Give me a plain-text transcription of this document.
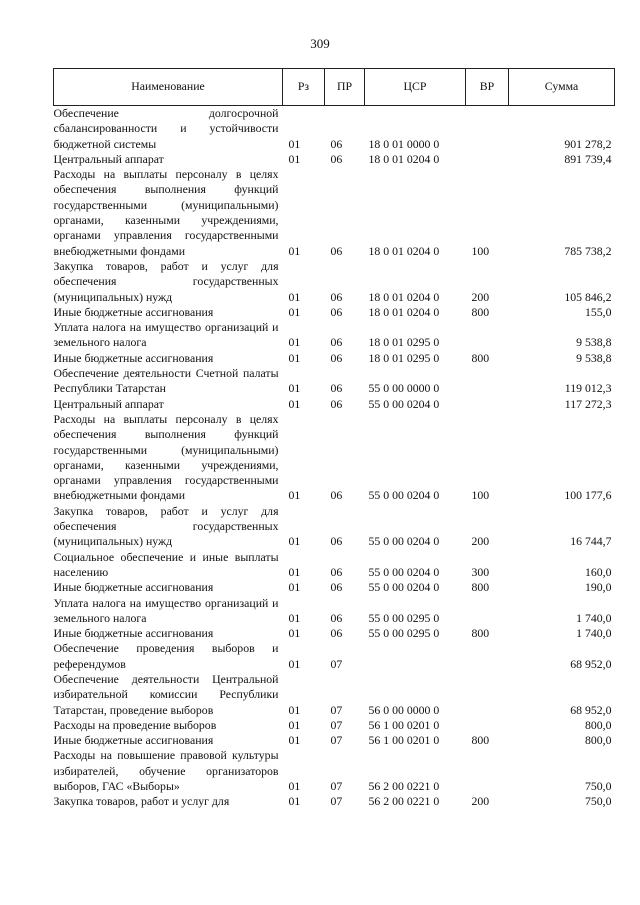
309
Наименование	Рз	ПР	ЦСР	ВР	Сумма
Обеспечение долгосрочной сбалансированности и устойчивости бюджетной системы	01	06	18 0 01 0000 0		901 278,2
Центральный аппарат	01	06	18 0 01 0204 0		891 739,4
Расходы на выплаты персоналу в целях обеспечения выполнения функций государственными (муниципальными) органами, казенными учреждениями, органами управления государственными внебюджетными фондами	01	06	18 0 01 0204 0	100	785 738,2
Закупка товаров, работ и услуг для обеспечения государственных (муниципальных) нужд	01	06	18 0 01 0204 0	200	105 846,2
Иные бюджетные ассигнования	01	06	18 0 01 0204 0	800	155,0
Уплата налога на имущество организаций и земельного налога	01	06	18 0 01 0295 0		9 538,8
Иные бюджетные ассигнования	01	06	18 0 01 0295 0	800	9 538,8
Обеспечение деятельности Счетной палаты Республики Татарстан	01	06	55 0 00 0000 0		119 012,3
Центральный аппарат	01	06	55 0 00 0204 0		117 272,3
Расходы на выплаты персоналу в целях обеспечения выполнения функций государственными (муниципальными) органами, казенными учреждениями, органами управления государственными внебюджетными фондами	01	06	55 0 00 0204 0	100	100 177,6
Закупка товаров, работ и услуг для обеспечения государственных (муниципальных) нужд	01	06	55 0 00 0204 0	200	16 744,7
Социальное обеспечение и иные выплаты населению	01	06	55 0 00 0204 0	300	160,0
Иные бюджетные ассигнования	01	06	55 0 00 0204 0	800	190,0
Уплата налога на имущество организаций и земельного налога	01	06	55 0 00 0295 0		1 740,0
Иные бюджетные ассигнования	01	06	55 0 00 0295 0	800	1 740,0
Обеспечение проведения выборов и референдумов	01	07			68 952,0
Обеспечение деятельности Центральной избирательной комиссии Республики Татарстан, проведение выборов	01	07	56 0 00 0000 0		68 952,0
Расходы на проведение выборов	01	07	56 1 00 0201 0		800,0
Иные бюджетные ассигнования	01	07	56 1 00 0201 0	800	800,0
Расходы на повышение правовой культуры избирателей, обучение организаторов выборов, ГАС «Выборы»	01	07	56 2 00 0221 0		750,0
Закупка товаров, работ и услуг для	01	07	56 2 00 0221 0	200	750,0
